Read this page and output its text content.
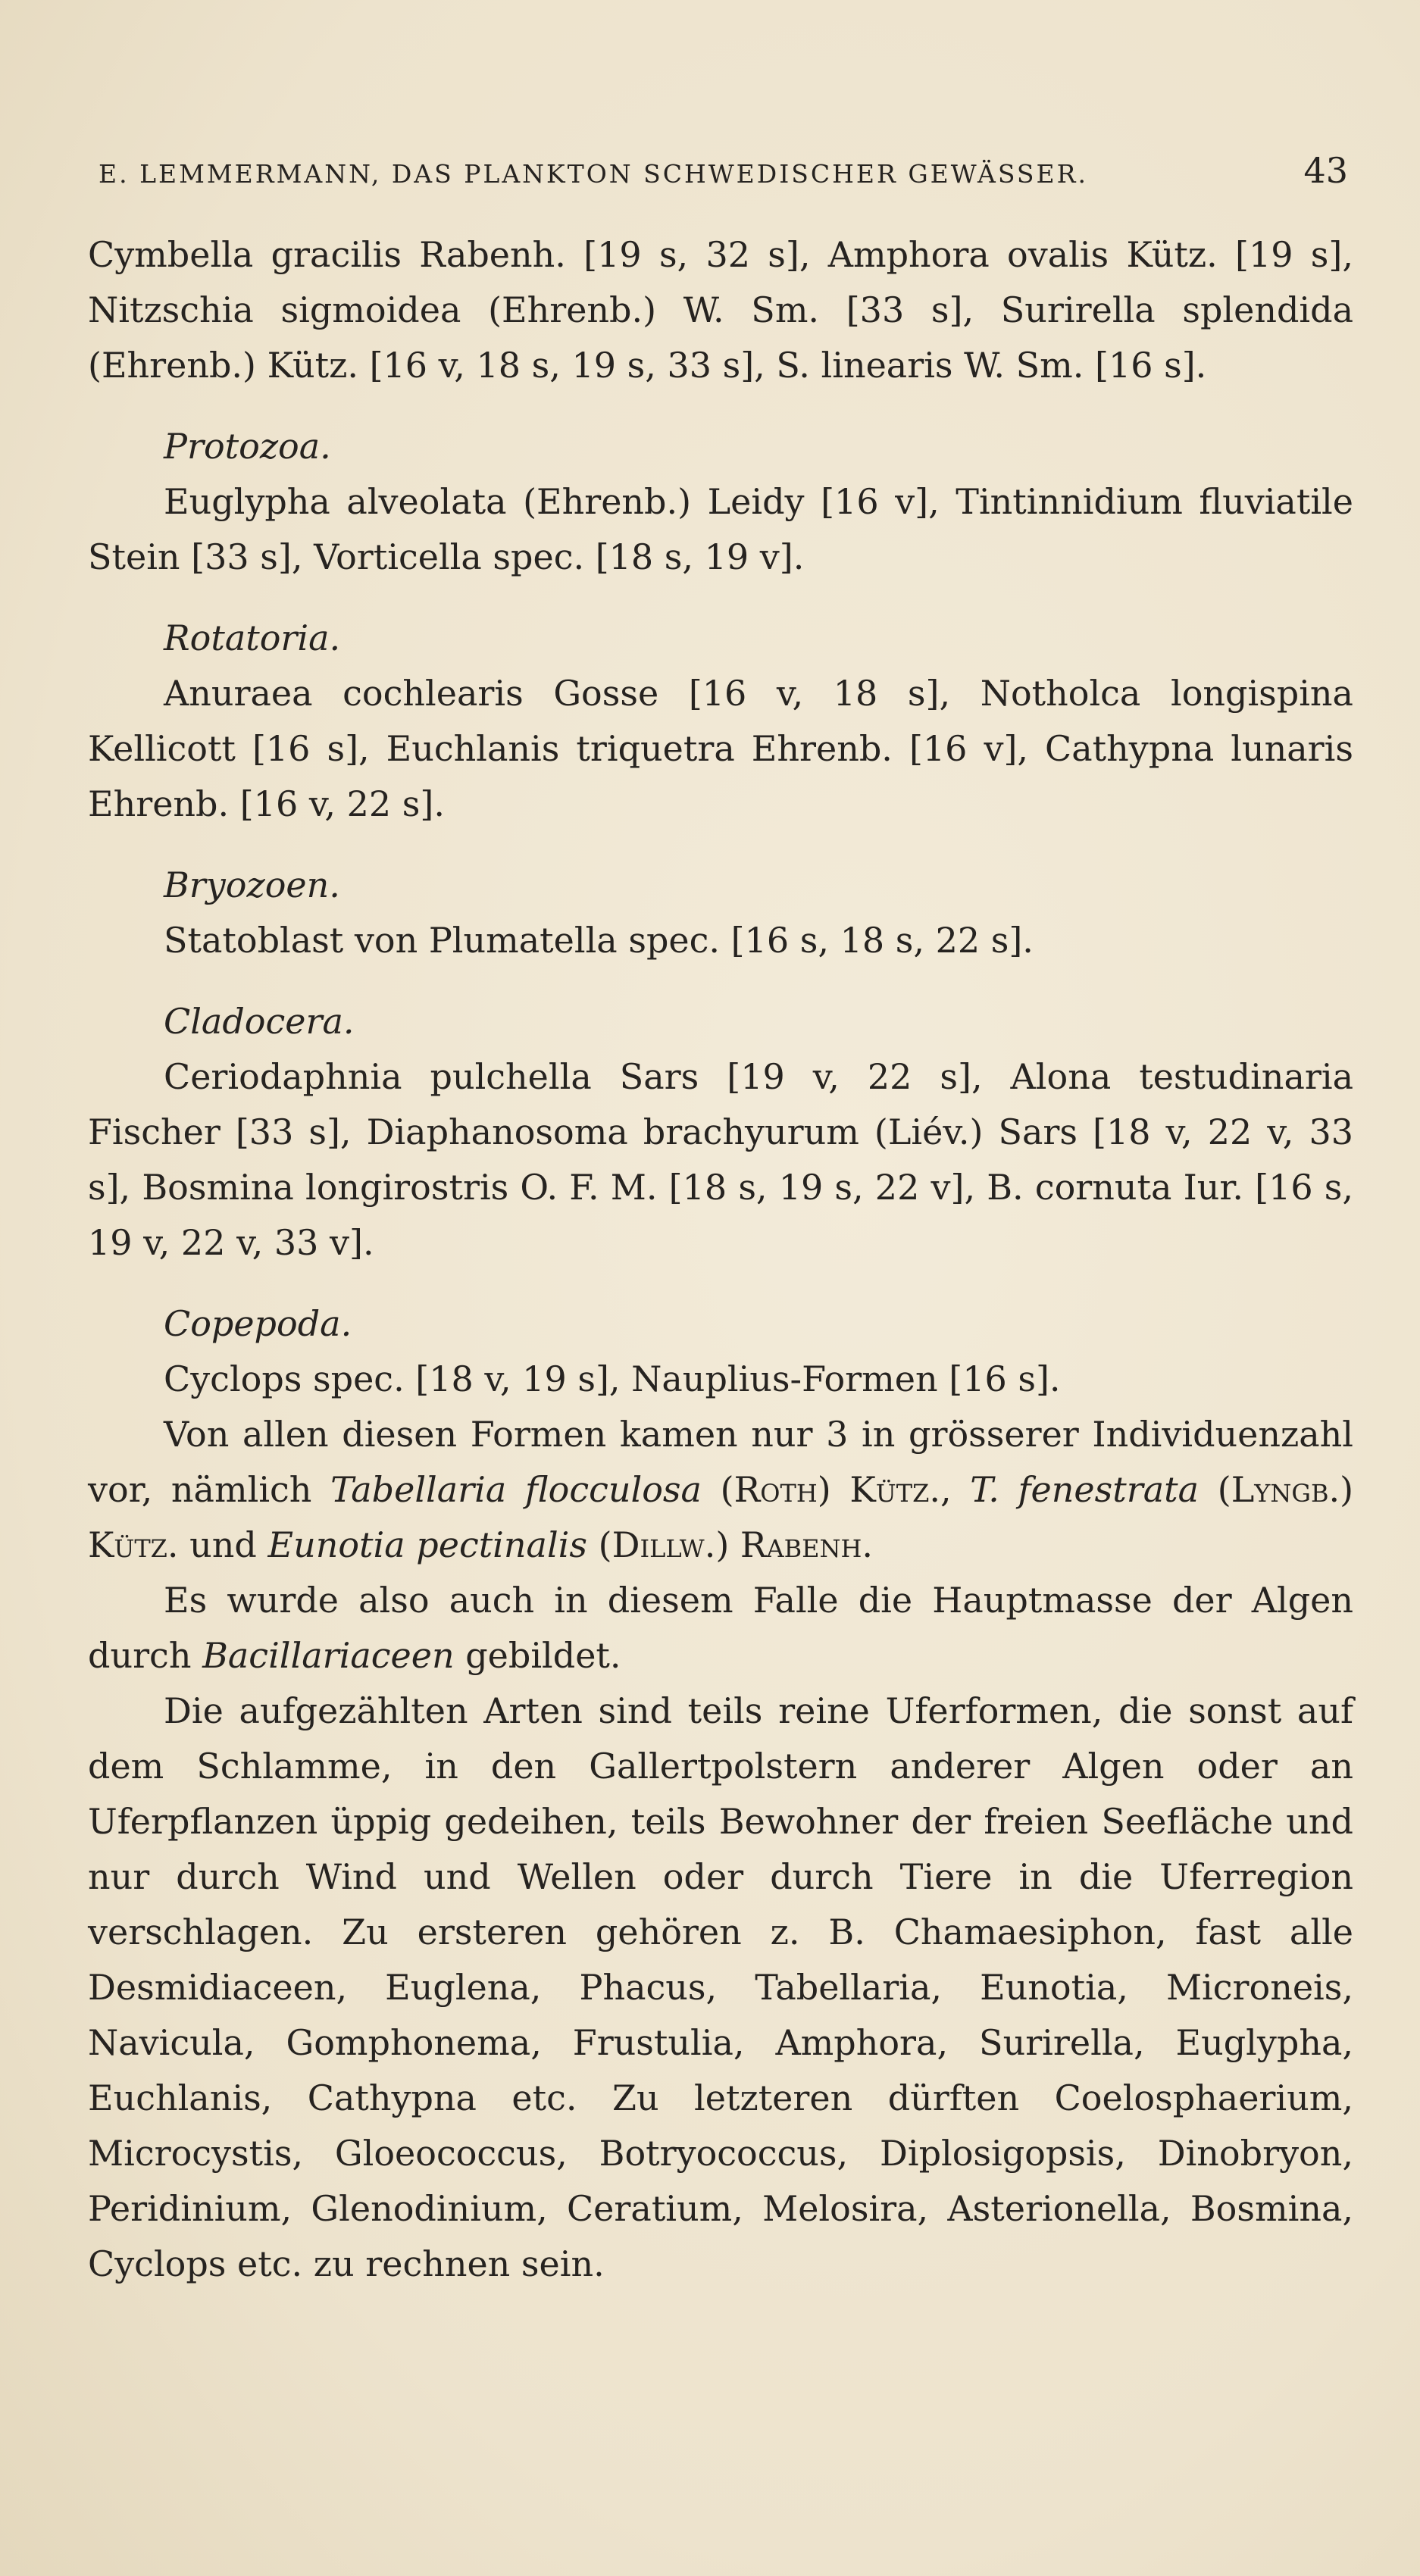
E. LEMMERMANN, DAS PLANKTON SCHWEDISCHER GEWÄSSER.	43

Cymbella gracilis Rabenh. [19 s, 32 s], Amphora ovalis Kütz. [19 s], Nitzschia sigmoidea (Ehrenb.) W. Sm. [33 s], Surirella splendida (Ehrenb.) Kütz. [16 v, 18 s, 19 s, 33 s], S. linearis W. Sm. [16 s].

Protozoa.

Euglypha alveolata (Ehrenb.) Leidy [16 v], Tintinnidium fluviatile Stein [33 s], Vorticella spec. [18 s, 19 v].

Rotatoria.

Anuraea cochlearis Gosse [16 v, 18 s], Notholca longispina Kellicott [16 s], Euchlanis triquetra Ehrenb. [16 v], Cathypna lunaris Ehrenb. [16 v, 22 s].

Bryozoen.

Statoblast von Plumatella spec. [16 s, 18 s, 22 s].

Cladocera.

Ceriodaphnia pulchella Sars [19 v, 22 s], Alona testudinaria Fischer [33 s], Diaphanosoma brachyurum (Liév.) Sars [18 v, 22 v, 33 s], Bosmina longirostris O. F. M. [18 s, 19 s, 22 v], B. cornuta Iur. [16 s, 19 v, 22 v, 33 v].

Copepoda.

Cyclops spec. [18 v, 19 s], Nauplius-Formen [16 s].

Von allen diesen Formen kamen nur 3 in grösserer Individuenzahl vor, nämlich Tabellaria flocculosa (Roth) Kütz., T. fenestrata (Lyngb.) Kütz. und Eunotia pectinalis (Dillw.) Rabenh.

Es wurde also auch in diesem Falle die Hauptmasse der Algen durch Bacillariaceen gebildet.

Die aufgezählten Arten sind teils reine Uferformen, die sonst auf dem Schlamme, in den Gallertpolstern anderer Algen oder an Uferpflanzen üppig gedeihen, teils Bewohner der freien Seefläche und nur durch Wind und Wellen oder durch Tiere in die Uferregion verschlagen. Zu ersteren gehören z. B. Chamaesiphon, fast alle Desmidiaceen, Euglena, Phacus, Tabellaria, Eunotia, Microneis, Navicula, Gomphonema, Frustulia, Amphora, Surirella, Euglypha, Euchlanis, Cathypna etc. Zu letzteren dürften Coelosphaerium, Microcystis, Gloeococcus, Botryococcus, Diplosigopsis, Dinobryon, Peridinium, Glenodinium, Ceratium, Melosira, Asterionella, Bosmina, Cyclops etc. zu rechnen sein.
